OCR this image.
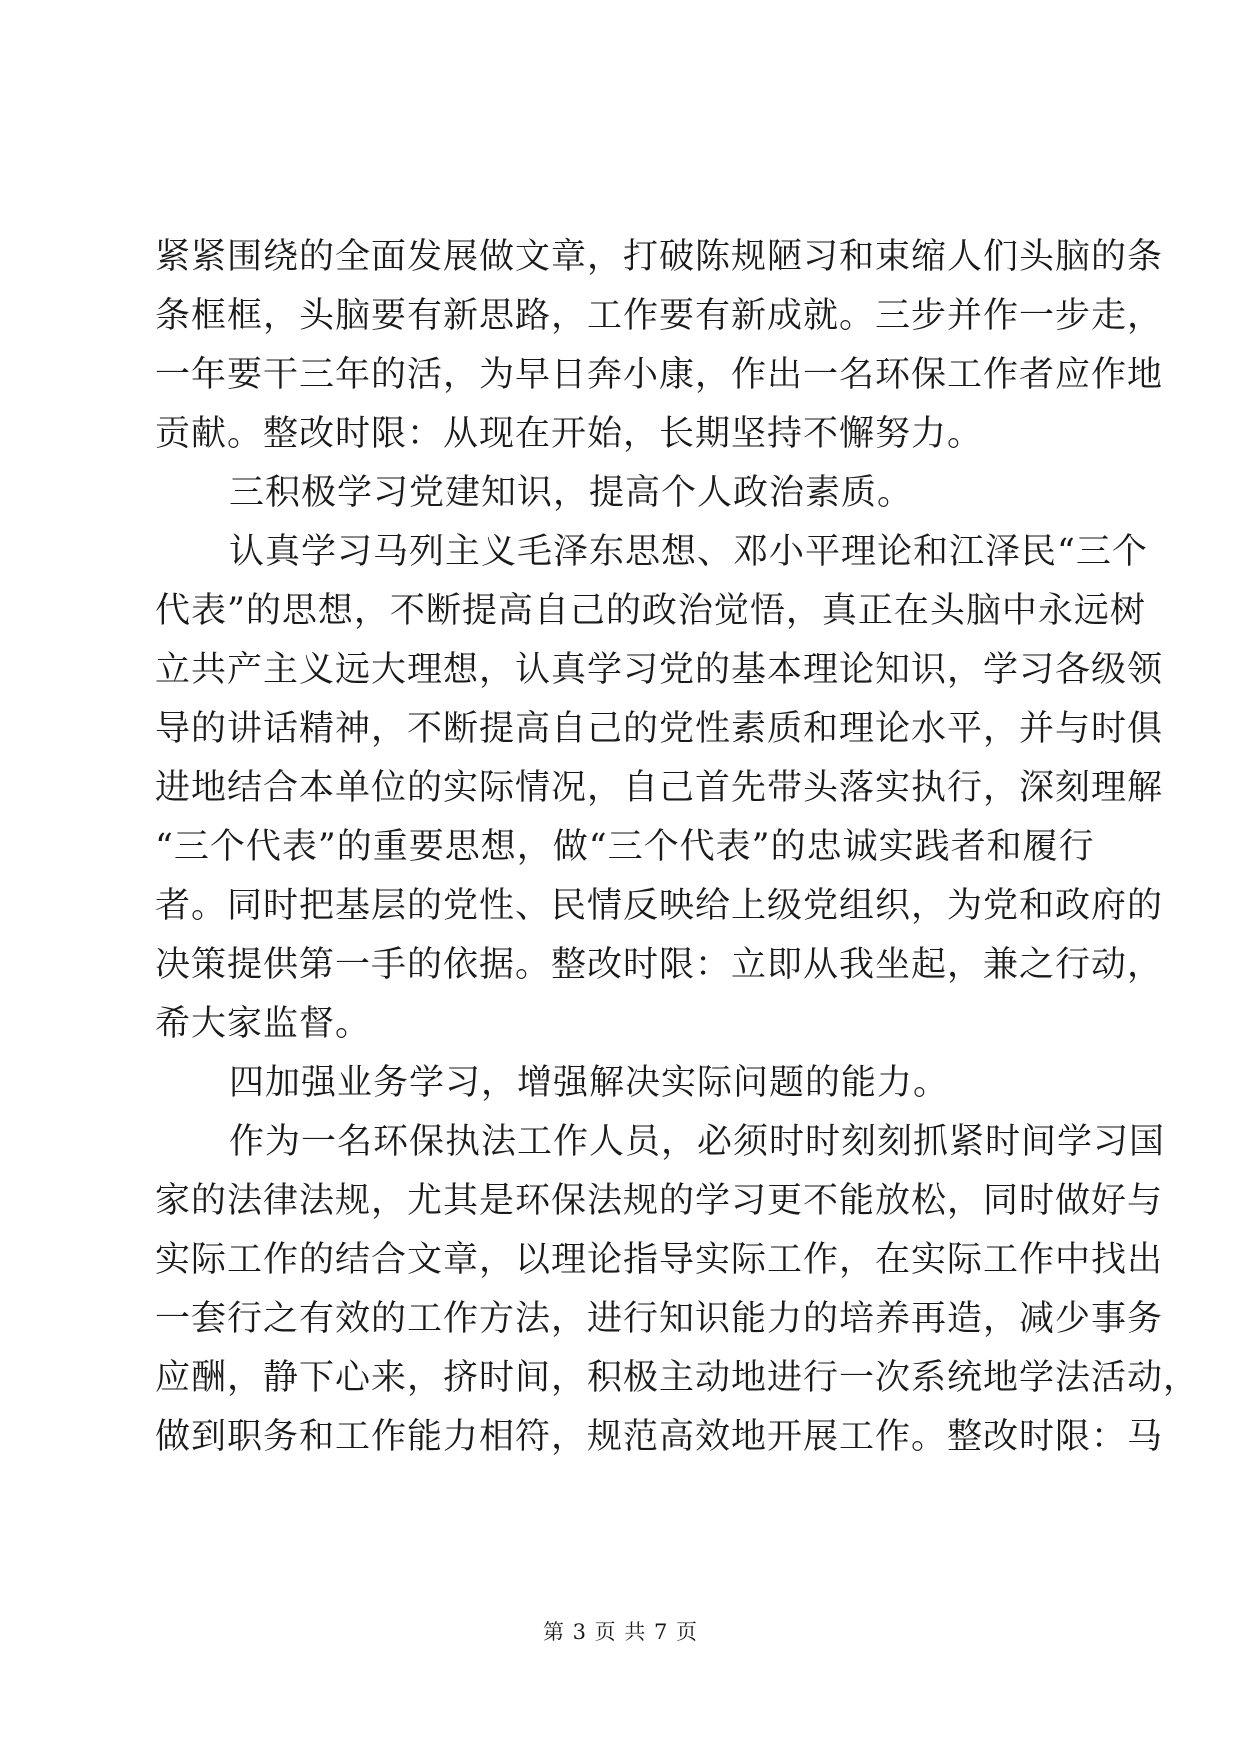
紧紧围绕的全面发展做文章，打破陈规陋习和束缩人们头脑的条
条框框，头脑要有新思路，工作要有新成就。三步并作一步走，
一年要干三年的活，为早日奔小康，作出一名环保工作者应作地
贡献。整改时限：从现在开始，长期坚持不懈努力。
三积极学习党建知识，提高个人政治素质。
认真学习马列主义毛泽东思想、邓小平理论和江泽民“三个
代表”的思想，不断提高自己的政治觉悟，真正在头脑中永远树
立共产主义远大理想，认真学习党的基本理论知识，学习各级领
导的讲话精神，不断提高自己的党性素质和理论水平，并与时俱
进地结合本单位的实际情况，自己首先带头落实执行，深刻理解
“三个代表”的重要思想，做“三个代表”的忠诚实践者和履行
者。同时把基层的党性、民情反映给上级党组织，为党和政府的
决策提供第一手的依据。整改时限：立即从我坐起，兼之行动，
希大家监督。
四加强业务学习，增强解决实际问题的能力。
作为一名环保执法工作人员，必须时时刻刻抓紧时间学习国
家的法律法规，尤其是环保法规的学习更不能放松，同时做好与
实际工作的结合文章，以理论指导实际工作，在实际工作中找出
一套行之有效的工作方法，进行知识能力的培养再造，减少事务
应酬，静下心来，挤时间，积极主动地进行一次系统地学法活动，
做到职务和工作能力相符，规范高效地开展工作。整改时限：马
第 3 页 共 7 页
